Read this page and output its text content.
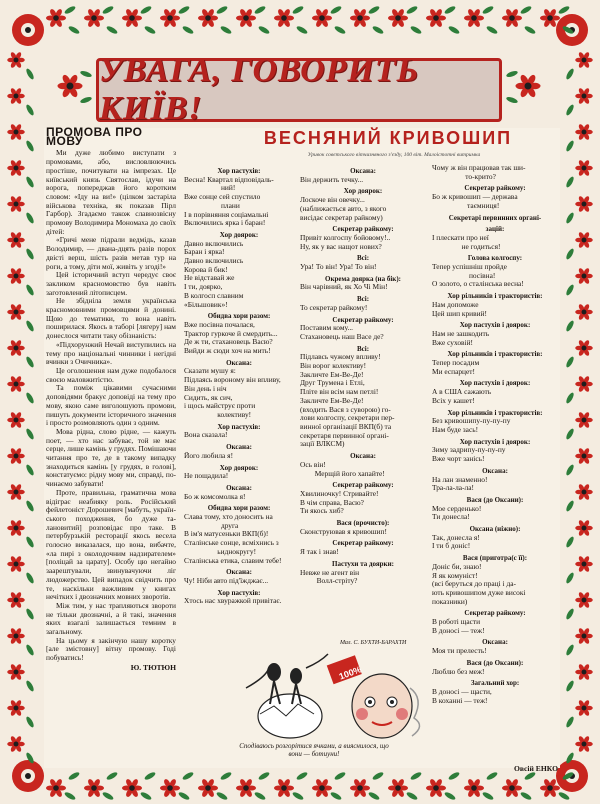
УВАГА, ГОВОРИТЬ КИЇВ!
ПРОМОВА ПРО МОВУ

Ми дуже любимо виступати з промовами, або, висловлюючись простіше, почитувати на імпрезах. Це київський князь Святослав, ідучи на ворога, попереджав його коротким словом: «Іду на ви!» (цілком застаріла військова техніка, як показав Пірл Гарбор). Згадаємо також славнозвісну промову Володимира Мономаха до своїх дітей:

«Гричі мене підрали ведмідь, казав Володимир, — двана-дцять разів порох двісті верш, шість разів метав тур на роги, а тому, діти мої, живіть у згоді!»

Цей історичний вступ чередує своє закликом красномовство був навіть заготовлений літописцем.

Не збідніла земля українська красномовними промовцями й донині. Щою до тематики, то вона навіть поширилася. Якось в таборі [лягеру] нам донеслося читати таку обізнаність:

«Підхорунжий Нечай виступились на тему про національні чинники і негідні вчинки з Очичника».

Це оголошення нам дуже подобалося своєю маловжитістю.

Та поміж цікавими сучасними доповідями бракує доповіді на тему про мову, якою саме виголошують промови, пишуть документи історичного значення і просто розмовляють один з одним.

Мова рідна, слово рідне, — кажуть поет, — хто нас забуває, той не має серце, лише камінь у грудях. Помішаючи читання про те, де в такому випадку знаходиться камінь [у грудях, в голові], констатуємо: рідну мову ми, справді, починаємо забувати!

Проте, правильна, граматична мова відіграє неабияку роль. Російський фейлетоніст Дорошевич [мабуть, українського походження, бо дуже талановитий] розповідає про таке. В петербурзькій ресторації якось весела голосно виказалася, що вона, вибачте, «ла пирі з околодочним надзирателем» [поліцай за царату]. Особу цю негайно заарештували, звинувачуючи ліг людожерство. Цей випадок свідчить про те, наскільки важливим у книгах нечітких і двозначних мовних зворотів.

Між тим, у нас трапляються звороти не тільки двозначні, а й такі, значення яких взагалі залишається темним в загальному.

На цьому я закінчую нашу коротку [але змістовну] вітну промову. Годі побуватись!

Ю. ТЮТЮН
ВЕСНЯНИЙ КРИВОШИП
Уривок совєтського вітчизняного з'єзду, 100 віт. Малоістотні витримка
Хор пастухів:
Весна! Квартал відповідаль-
ний!
Вже сонце сей спустило
плани
І в порівняння соціамальні
Включились ярка і баран!
Хор доярок:
Давно включились
Баран і ярка!
Давно включились
Корова й бик!
Не відставай же
І ти, доярко,
В колгосп славним
«Більшовик»!
Обидва хори разом:
Вже посівна почалася,
Трактор гуркоче й смердить...
Де ж ти, стахановець Васю?
Вийди ж сюди хоч на мить!
Оксана:
Сказати мушу я:
Підлаясь вороному він впливу,
Він день і ніч
Сидить, як сич,
і щось майструє проти
колективу!
Хор пастухів:
Вона сказала!
Оксана:
Його любила я!
Хор доярок:
Не пощадила!
Оксана:
Бо ж комсомолка я!
Обидва хори разом:
Слава тому, хто доносить на
друга
В ім'я матусеньки ВКП(б)!
Сталінське сонце, всміхнись з
ьиднокругу!
Сталінська етика, славим тебе!
Оксана:
Чу! Ніби авто під'їжджає...
Хор пастухів:
Хтось нас хвуражкой привітає.
Оксана:
Він держить течку...
Хор доярок:
Лоскоче він овечку...
(наближається авто, з якого
висідає секретар райкому)
Секретар райкому:
Привіт колгоспу бойовому!..
Ну, як у вас нащот нових?
Всі:
Ура! То він! Ура! То він!
Окрема доярка (на бік):
Він чарівний, як Хо Чі Мін!
Всі:
То секретар райкому!
Секретар райкому:
Поставим кому...
Стахановець наш Васе де?
Всі:
Підлавсь чужому впливу!
Він ворог колективу!
Закличте Ем-Ве-Де!
Друг Трумена і Етлі,
Пліте він всім нам петлі!
Закличте Ем-Ве-Де!
(входить Вася з суворою) го-
лови колгоспу, секретари пер-
винної організації ВКП(б) та
секретаря первинної органі-
зації ВЛКСМ)
Оксана:
Ось він!
Мерщій його хапайте!
Секретар райкому:
Хвилиночку! Стривайте!
В чім справа, Васю?
Ти якось хиб?
Вася (врочисто):
Сконструював я кривошип!
Секретар райкому:
Я так і знав!
Пастухи та доярки:
Невже не агент він
Волл-стріту?
Чому ж він працював так ши-
то-крито?
Секретар райкому:
Бо ж кривошип — держава
таємниця!
Секретарі первинних органі-
зацій:
І плескати про неї
не годиться!
Голова колгоспу:
Тепер успішніш пройде
посівна!
О золото, о сталінська весна!
Хор рільників і трактористів:
Нам допоможе
Цей шип кривий!
Хор пастухів і доярок:
Нам не зашкодить
Вже суховій!
Хор рільників і трактористів:
Тепер посадим
Ми еспарцет!
Хор пастухів і доярок:
А в США сажають
Всіх у кашет!
Хор рільників і трактористів:
Без кривошипу-пу-пу-пу
Нам буде зась!
Хор пастухів і доярок:
Зиму задрипу-пу-пу-пу
Вже чорт занісь!
Оксана:
На лан знаменно!
Тра-ла-ла-ла!
Вася (до Оксани):
Мое серденько!
Ти донесла!
Оксана (ніжно):
Так, донесла я!
І ти б доніс!
Вася (приготра(с її):
Доніс би, знаю!
Я як комуніст!
(всі беруться до праці і да-
ють кривошипом дуже високі
показники)
Секретар райкому:
В роботі щасти
В доносі — теж!
Оксана:
Моя ти прелесть!
Вася (до Оксани):
Люблю без меж!
Загальний хор:
В доносі — щасти,
В коханні — теж!
Овсій ЕНКО
Мал. С. БУХТИ-БАРАХТИ
100%
Сподіваюсь розгорітися ячками, а вияснилося, що
вони — ботиуни!
